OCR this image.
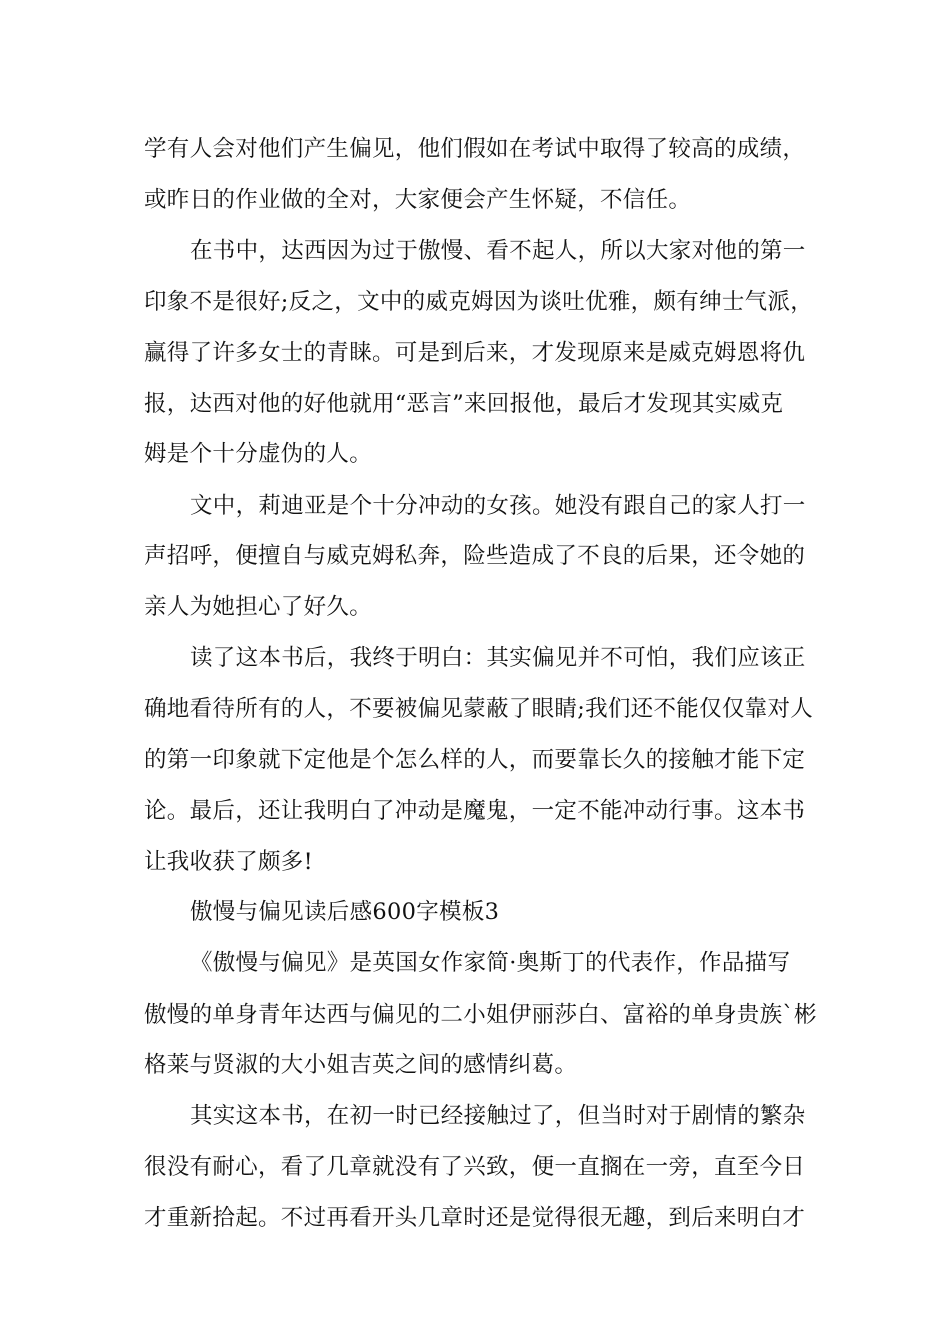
学有人会对他们产生偏见，他们假如在考试中取得了较高的成绩，
或昨日的作业做的全对，大家便会产生怀疑，不信任。
在书中，达西因为过于傲慢、看不起人，所以大家对他的第一
印象不是很好;反之，文中的威克姆因为谈吐优雅，颇有绅士气派，
赢得了许多女士的青睐。可是到后来，才发现原来是威克姆恩将仇
报，达西对他的好他就用“恶言”来回报他，最后才发现其实威克
姆是个十分虚伪的人。
文中，莉迪亚是个十分冲动的女孩。她没有跟自己的家人打一
声招呼，便擅自与威克姆私奔，险些造成了不良的后果，还令她的
亲人为她担心了好久。
读了这本书后，我终于明白：其实偏见并不可怕，我们应该正
确地看待所有的人，不要被偏见蒙蔽了眼睛;我们还不能仅仅靠对人
的第一印象就下定他是个怎么样的人，而要靠长久的接触才能下定
论。最后，还让我明白了冲动是魔鬼，一定不能冲动行事。这本书
让我收获了颇多!
傲慢与偏见读后感600字模板3
《傲慢与偏见》是英国女作家简·奥斯丁的代表作，作品描写
傲慢的单身青年达西与偏见的二小姐伊丽莎白、富裕的单身贵族`彬
格莱与贤淑的大小姐吉英之间的感情纠葛。
其实这本书，在初一时已经接触过了，但当时对于剧情的繁杂
很没有耐心，看了几章就没有了兴致，便一直搁在一旁，直至今日
才重新拾起。不过再看开头几章时还是觉得很无趣，到后来明白才
